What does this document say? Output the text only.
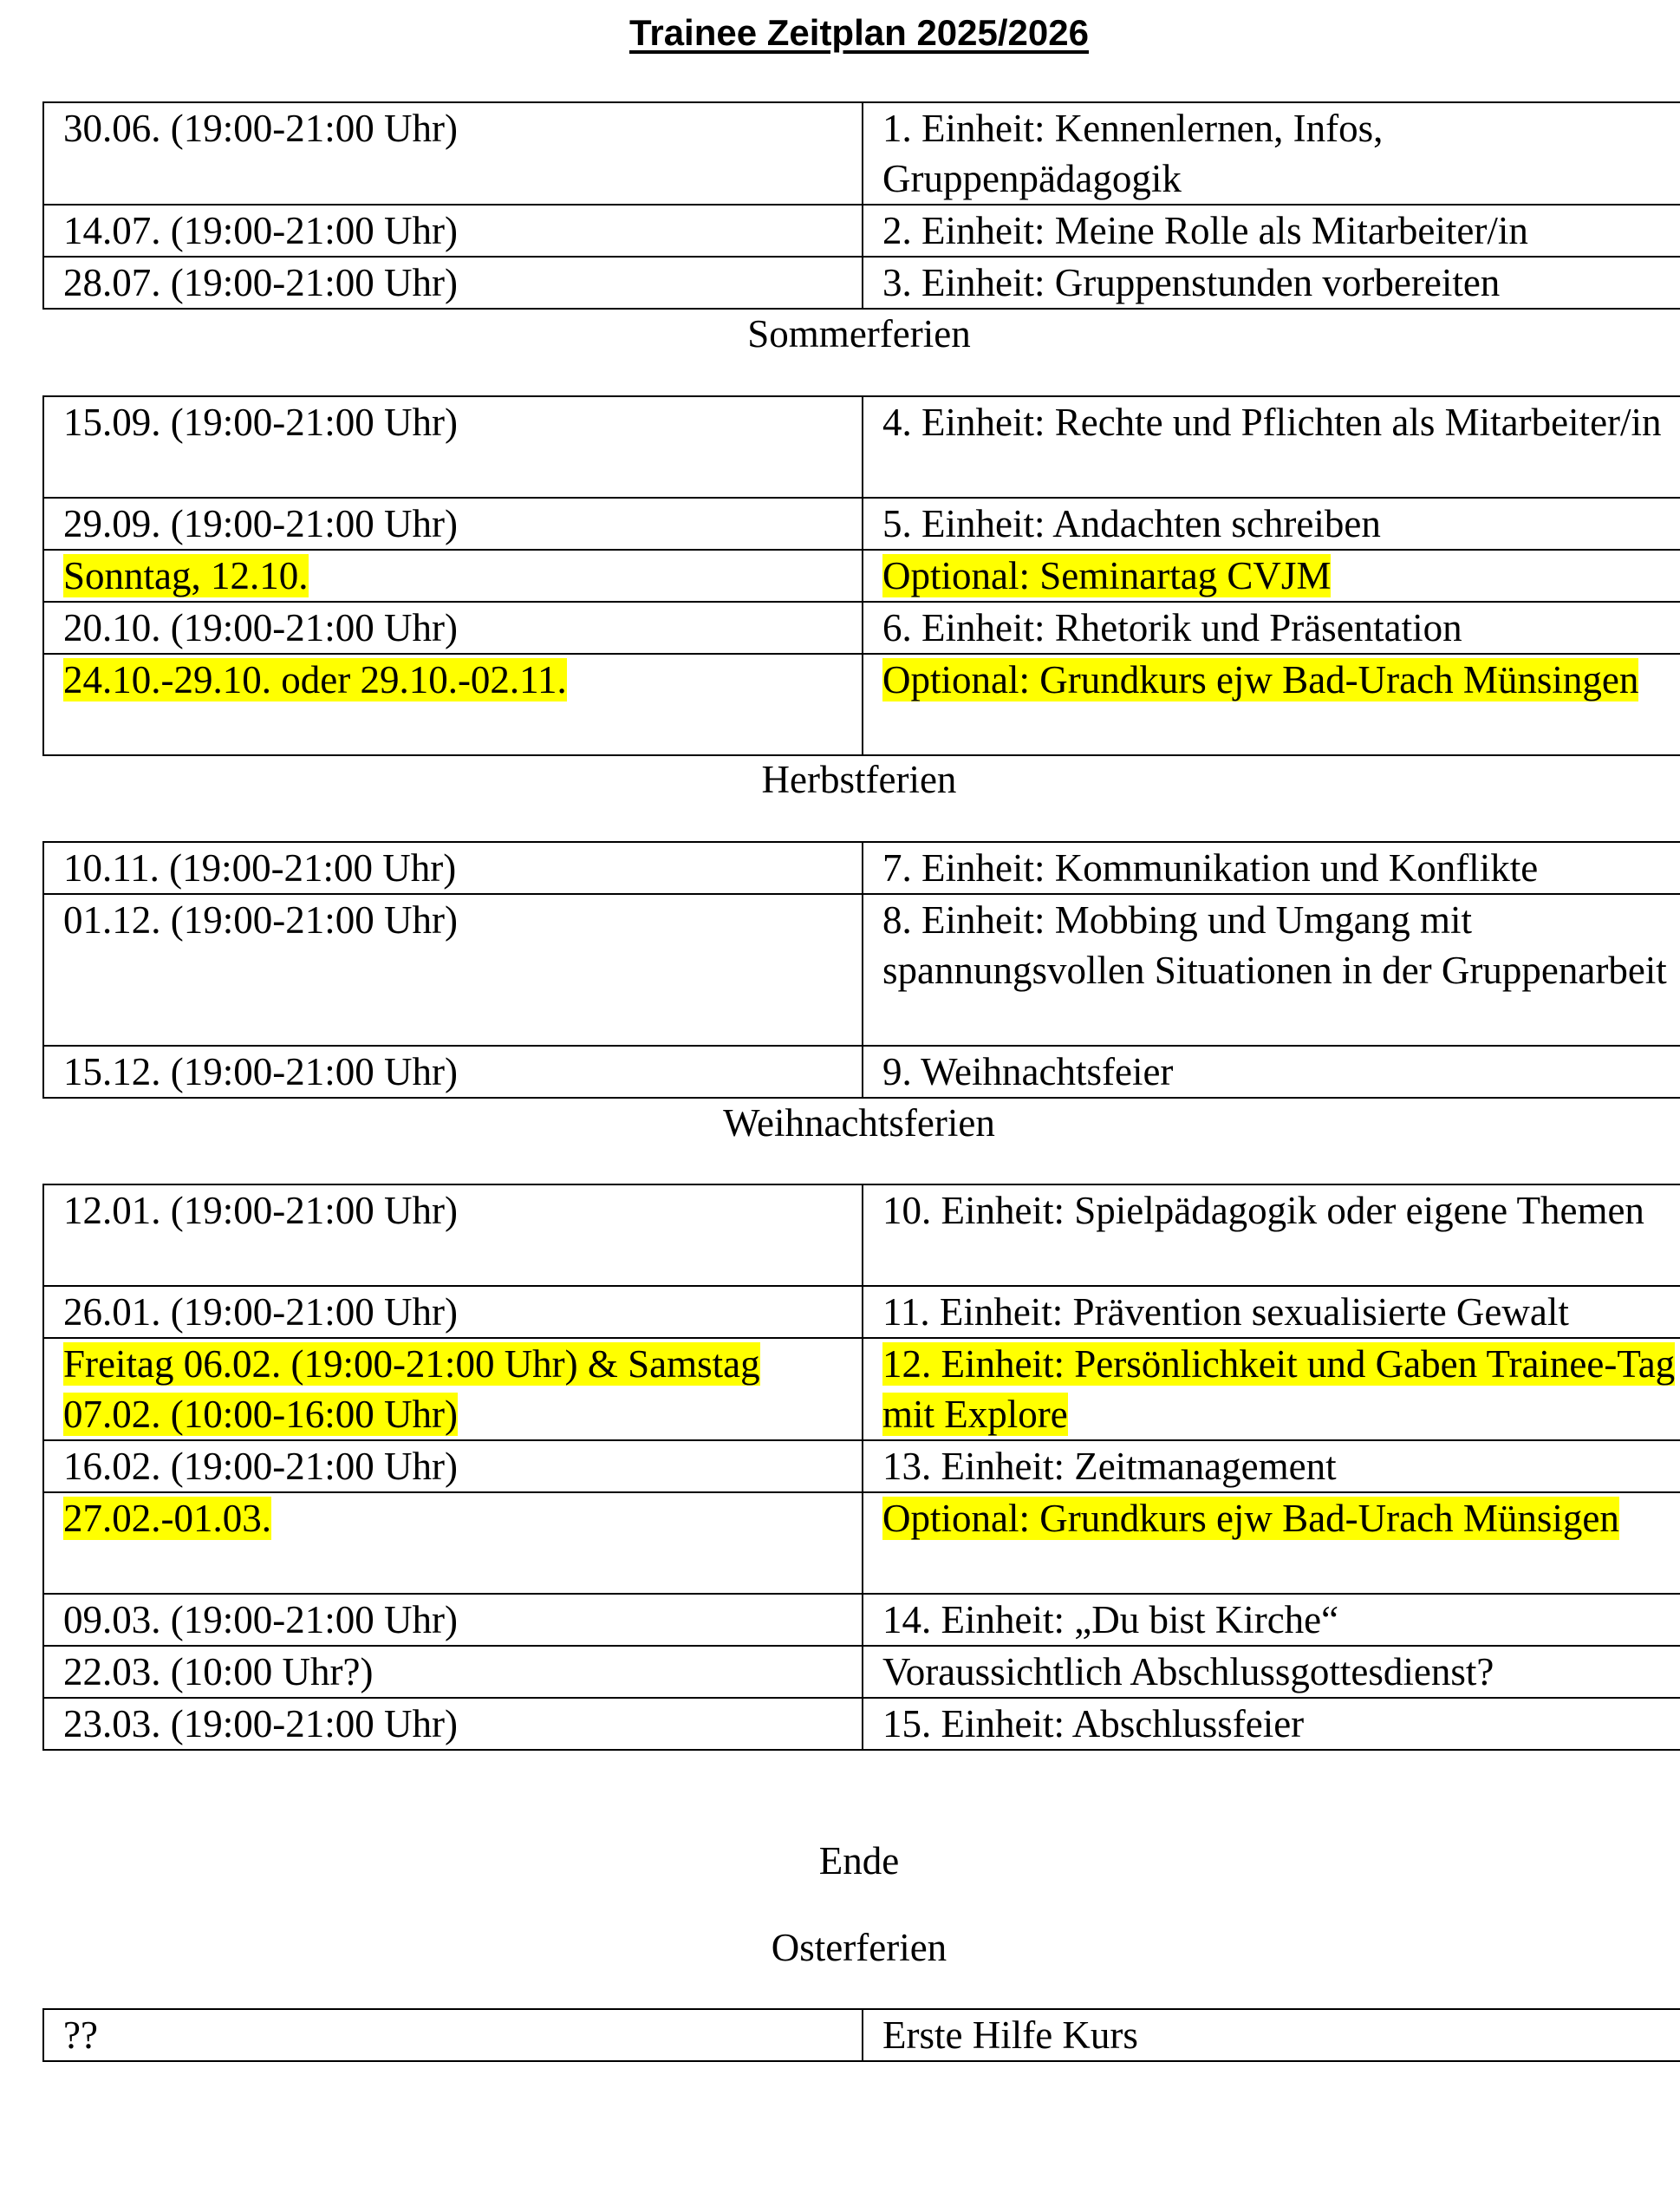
Trainee Zeitplan 2025/2026
30.06. (19:00-21:00 Uhr)	1. Einheit: Kennenlernen, Infos, Gruppenpädagogik
14.07. (19:00-21:00 Uhr)	2. Einheit: Meine Rolle als Mitarbeiter/in
28.07. (19:00-21:00 Uhr)	3. Einheit: Gruppenstunden vorbereiten
Sommerferien
15.09. (19:00-21:00 Uhr)	4. Einheit: Rechte und Pflichten als Mitarbeiter/in
29.09. (19:00-21:00 Uhr)	5. Einheit: Andachten schreiben
Sonntag, 12.10.	Optional: Seminartag CVJM
20.10. (19:00-21:00 Uhr)	6. Einheit: Rhetorik und Präsentation
24.10.-29.10. oder 29.10.-02.11.	Optional: Grundkurs ejw Bad-Urach Münsingen
Herbstferien
10.11. (19:00-21:00 Uhr)	7. Einheit: Kommunikation und Konflikte
01.12. (19:00-21:00 Uhr)	8. Einheit: Mobbing und Umgang mit spannungsvollen Situationen in der Gruppenarbeit
15.12. (19:00-21:00 Uhr)	9. Weihnachtsfeier
Weihnachtsferien
12.01. (19:00-21:00 Uhr)	10. Einheit: Spielpädagogik oder eigene Themen
26.01. (19:00-21:00 Uhr)	11. Einheit: Prävention sexualisierte Gewalt
Freitag 06.02. (19:00-21:00 Uhr) & Samstag 07.02. (10:00-16:00 Uhr)	12. Einheit: Persönlichkeit und Gaben Trainee-Tag mit Explore
16.02. (19:00-21:00 Uhr)	13. Einheit: Zeitmanagement
27.02.-01.03.	Optional: Grundkurs ejw Bad-Urach Münsigen
09.03. (19:00-21:00 Uhr)	14. Einheit: „Du bist Kirche“
22.03. (10:00 Uhr?)	Voraussichtlich Abschlussgottesdienst?
23.03. (19:00-21:00 Uhr)	15. Einheit: Abschlussfeier
Ende
Osterferien
??	Erste Hilfe Kurs
